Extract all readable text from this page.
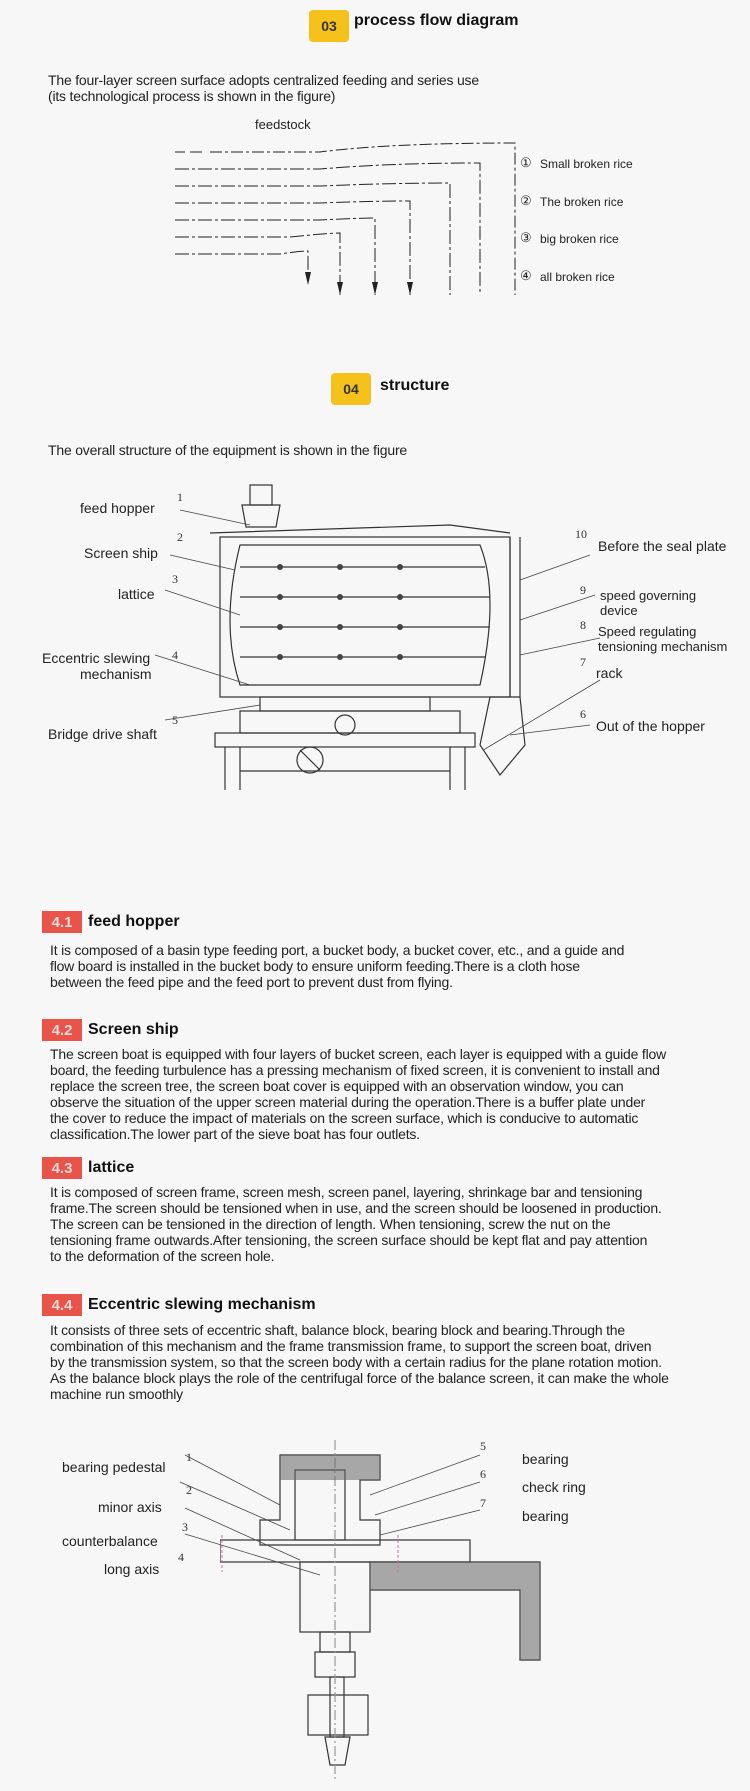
03	process flow diagram
The four-layer screen surface adopts centralized feeding and series use
(its technological process is shown in the figure)
feedstock
① Small broken rice
② The broken rice
③ big broken rice
④ all broken rice
04	structure
The overall structure of the equipment is shown in the figure
feed hopper
1
Screen ship
2
lattice
3
Eccentric slewing
mechanism
4
Bridge drive shaft
5
10
Before the seal plate
9 speed governing
device
8 Speed regulating
tensioning mechanism
7
rack
6
Out of the hopper
4.1 feed hopper
It is composed of a basin type feeding port, a bucket body, a bucket cover, etc., and a guide and
flow board is installed in the bucket body to ensure uniform feeding.There is a cloth hose
between the feed pipe and the feed port to prevent dust from flying.
4.2 Screen ship
The screen boat is equipped with four layers of bucket screen, each layer is equipped with a guide flow
board, the feeding turbulence has a pressing mechanism of fixed screen, it is convenient to install and
replace the screen tree, the screen boat cover is equipped with an observation window, you can
observe the situation of the upper screen material during the operation.There is a buffer plate under
the cover to reduce the impact of materials on the screen surface, which is conducive to automatic
classification.The lower part of the sieve boat has four outlets.
4.3 lattice
It is composed of screen frame, screen mesh, screen panel, layering, shrinkage bar and tensioning
frame.The screen should be tensioned when in use, and the screen should be loosened in production.
The screen can be tensioned in the direction of length. When tensioning, screw the nut on the
tensioning frame outwards.After tensioning, the screen surface should be kept flat and pay attention
to the deformation of the screen hole.
4.4 Eccentric slewing mechanism
It consists of three sets of eccentric shaft, balance block, bearing block and bearing.Through the
combination of this mechanism and the frame transmission frame, to support the screen boat, driven
by the transmission system, so that the screen body with a certain radius for the plane rotation motion.
As the balance block plays the role of the centrifugal force of the balance screen, it can make the whole
machine run smoothly
bearing pedestal
1
minor axis
2
counterbalance
3
long axis
4
5
bearing
6
check ring
7
bearing
